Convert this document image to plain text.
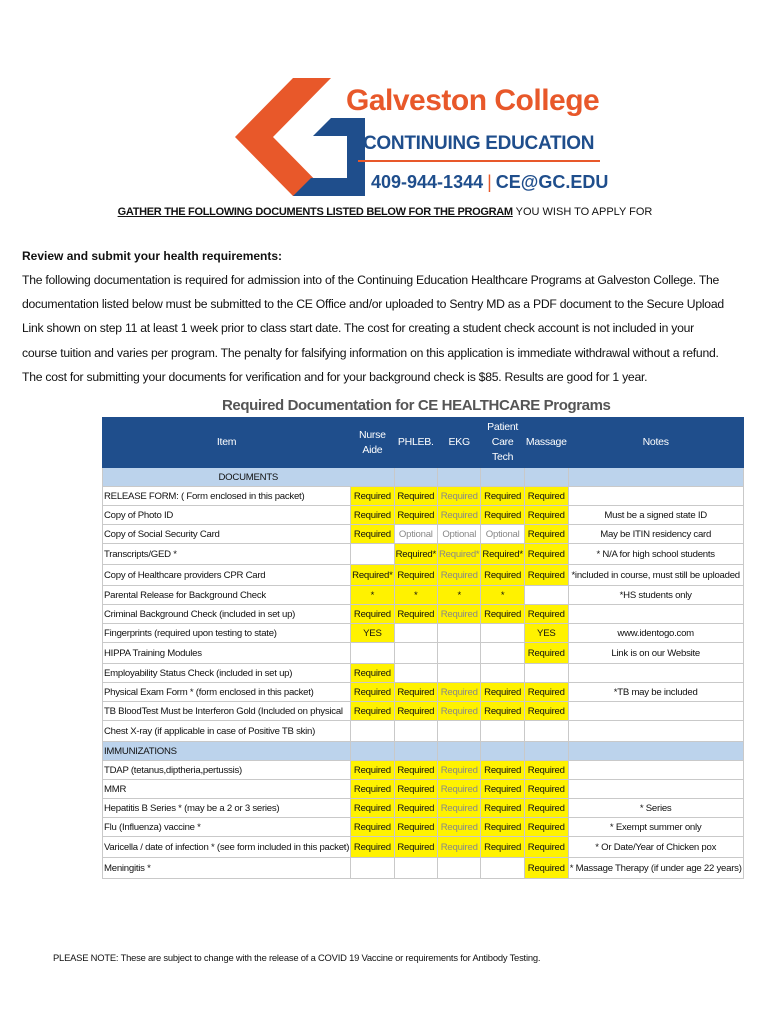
Galveston College
CONTINUING EDUCATION
409-944-1344 | CE@GC.EDU
GATHER THE FOLLOWING DOCUMENTS LISTED BELOW FOR THE PROGRAM YOU WISH TO APPLY FOR
Review and submit your health requirements:
The following documentation is required for admission into of the Continuing Education Healthcare Programs at Galveston College. The documentation listed below must be submitted to the CE Office and/or uploaded to Sentry MD as a PDF document to the Secure Upload Link shown on step 11 at least 1 week prior to class start date. The cost for creating a student check account is not included in your course tuition and varies per program. The penalty for falsifying information on this application is immediate withdrawal without a refund. The cost for submitting your documents for verification and for your background check is $85. Results are good for 1 year.
Required Documentation for CE HEALTHCARE Programs
Item	Nurse Aide	PHLEB.	EKG	Patient Care Tech	Massage	Notes
DOCUMENTS						
RELEASE FORM: ( Form enclosed in this packet)	Required	Required	Required	Required	Required	
Copy of Photo ID	Required	Required	Required	Required	Required	Must be a signed state ID
Copy of Social Security Card	Required	Optional	Optional	Optional	Required	May be ITIN residency card
Transcripts/GED *		Required*	Required*	Required*	Required	* N/A for high school students
Copy of Healthcare providers CPR Card	Required*	Required	Required	Required	Required	*included in course, must still be uploaded
Parental Release for Background Check	*	*	*	*		*HS students only
Criminal Background Check (included in set up)	Required	Required	Required	Required	Required	
Fingerprints (required upon testing to state)	YES				YES	www.identogo.com
HIPPA Training Modules					Required	Link is on our Website
Employability Status Check (included in set up)	Required					
Physical Exam Form * (form enclosed in this packet)	Required	Required	Required	Required	Required	*TB may be included
TB BloodTest Must be Interferon Gold (Included on physical	Required	Required	Required	Required	Required	
Chest X-ray (if applicable in case of Positive TB skin)						
IMMUNIZATIONS						
TDAP (tetanus,diptheria,pertussis)	Required	Required	Required	Required	Required	
MMR	Required	Required	Required	Required	Required	
Hepatitis B Series * (may be a 2 or 3 series)	Required	Required	Required	Required	Required	* Series
Flu (Influenza) vaccine *	Required	Required	Required	Required	Required	* Exempt summer only
Varicella / date of infection * (see form included in this packet)	Required	Required	Required	Required	Required	* Or Date/Year of Chicken pox
Meningitis *					Required	* Massage Therapy (if under age 22 years)
PLEASE NOTE: These are subject to change with the release of a COVID 19 Vaccine or requirements for Antibody Testing.
